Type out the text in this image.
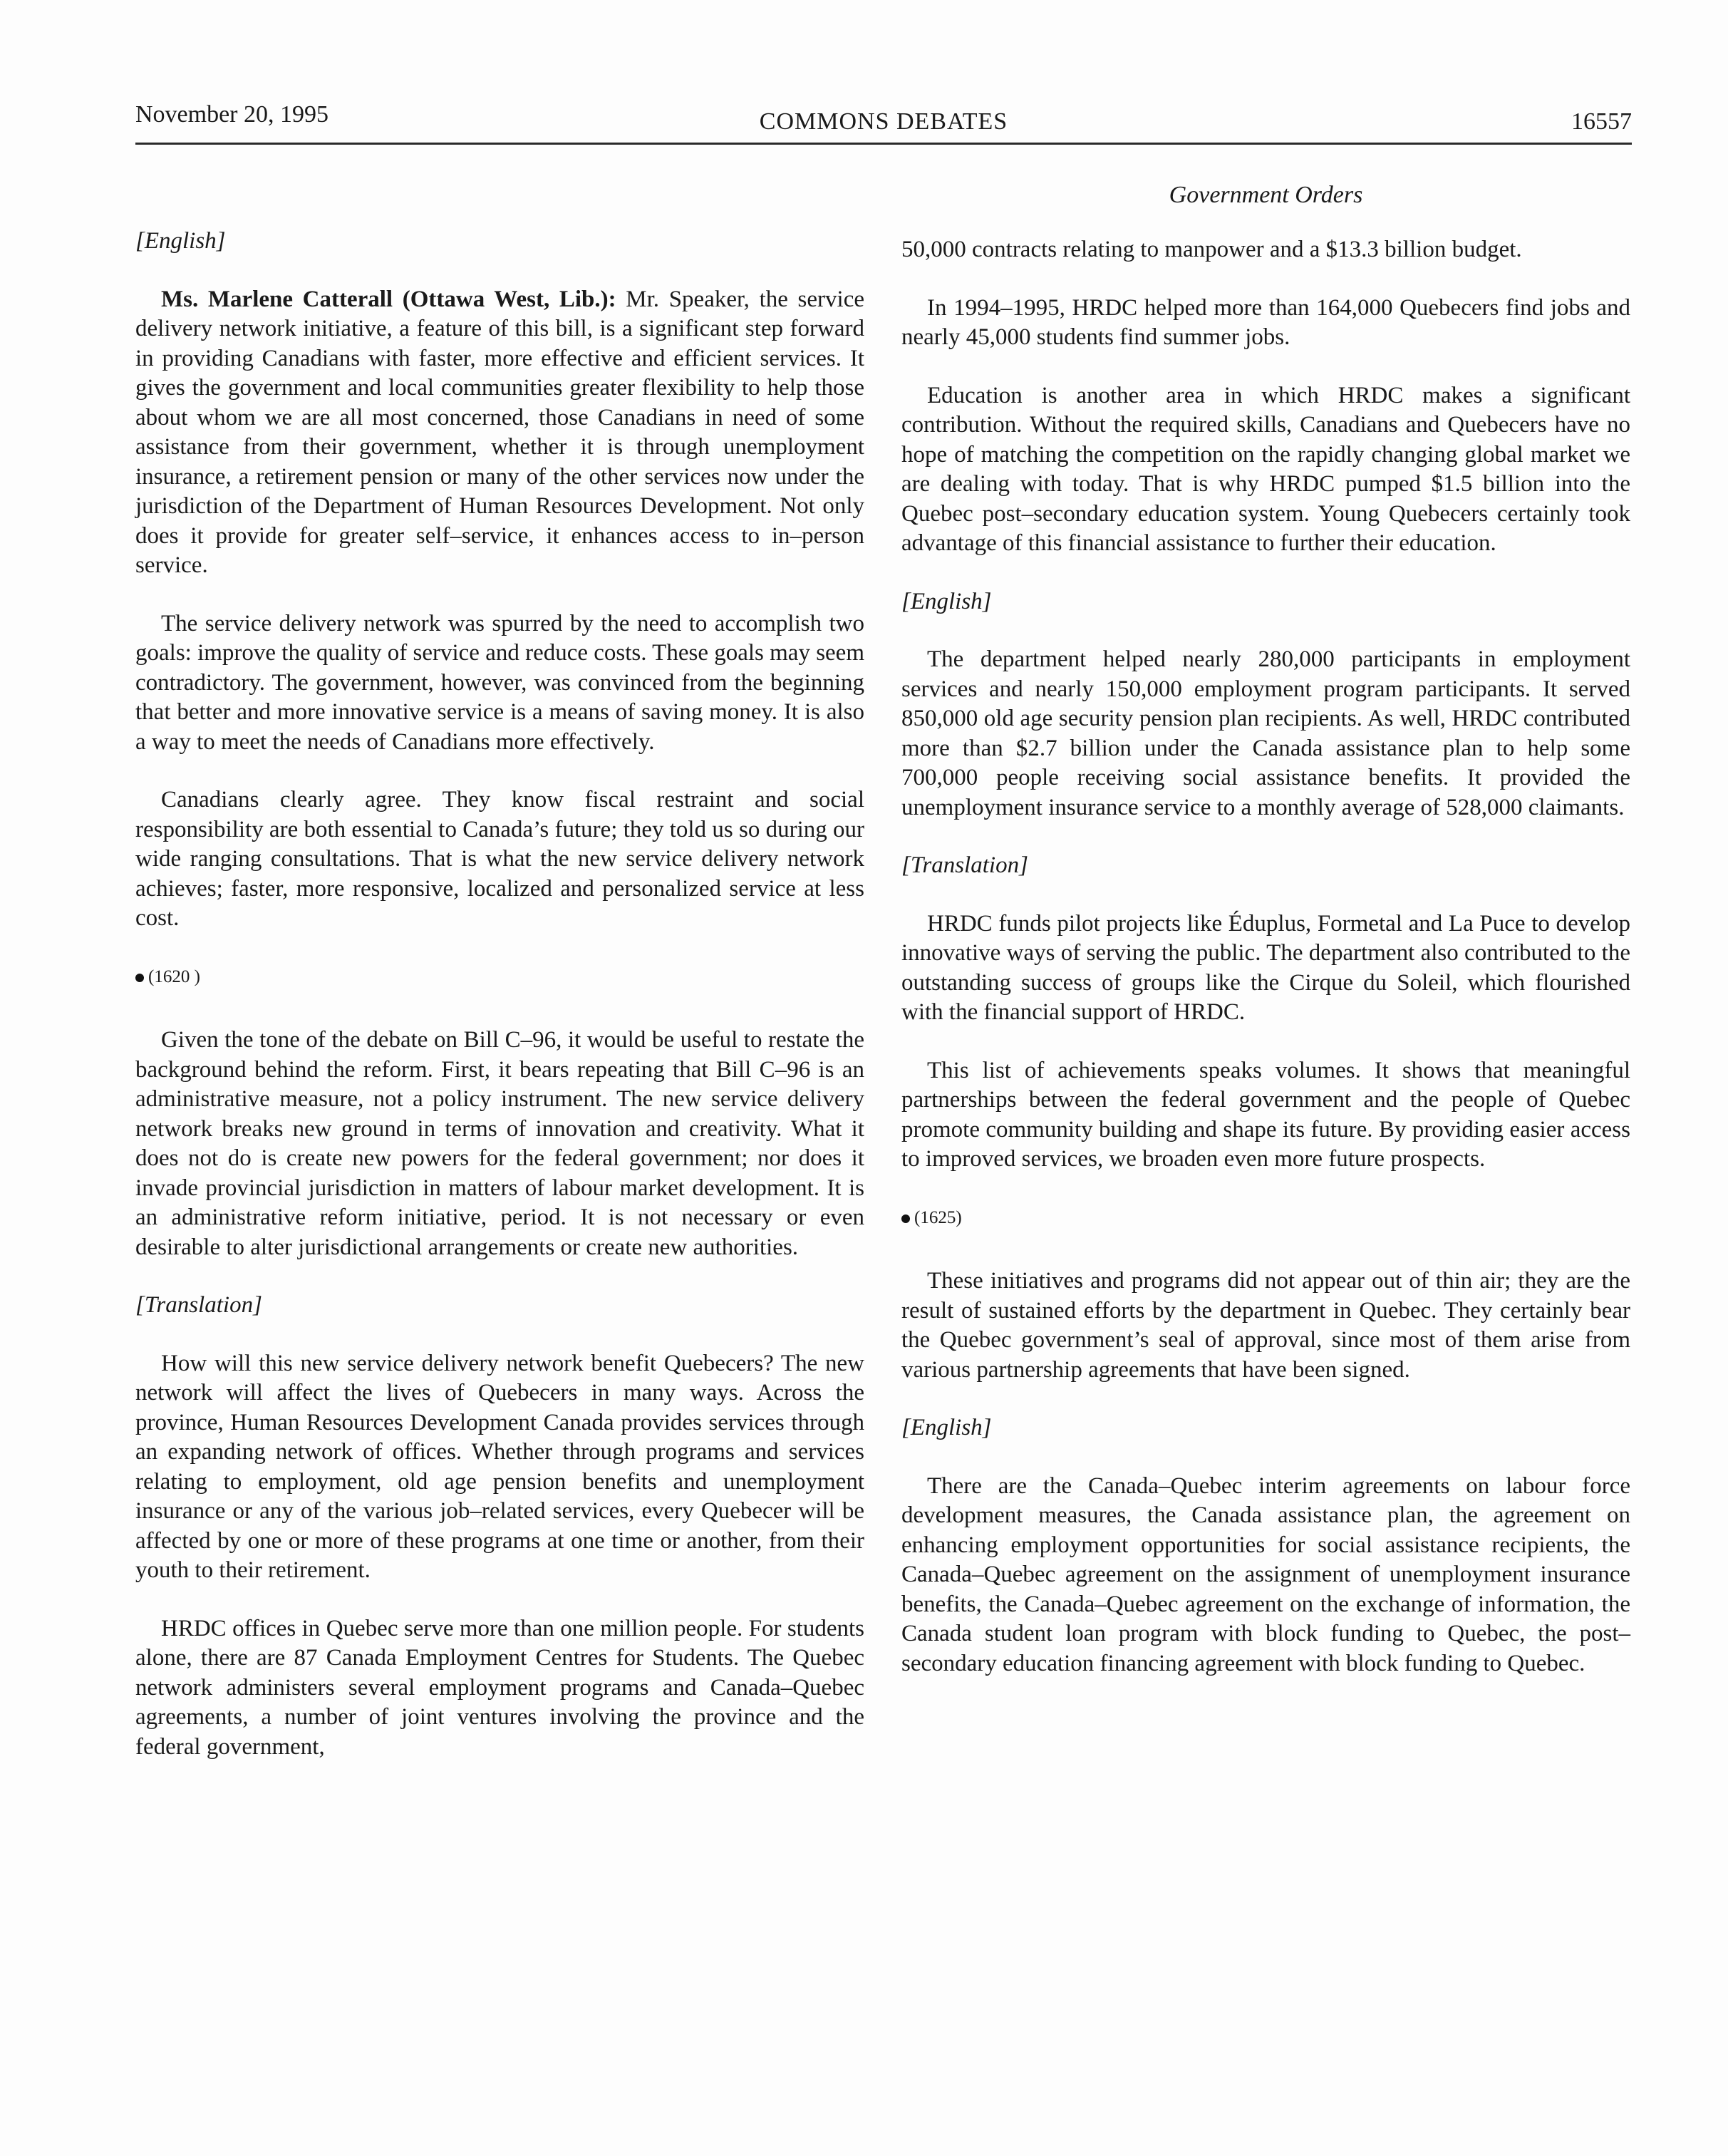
November 20, 1995	COMMONS DEBATES	16557
Government Orders
[English]

Ms. Marlene Catterall (Ottawa West, Lib.): Mr. Speaker, the service delivery network initiative, a feature of this bill, is a significant step forward in providing Canadians with faster, more effective and efficient services. It gives the government and local communities greater flexibility to help those about whom we are all most concerned, those Canadians in need of some assistance from their government, whether it is through unemployment insurance, a retirement pension or many of the other services now under the jurisdiction of the Department of Human Resources Development. Not only does it provide for greater self–service, it enhances access to in–person service.

The service delivery network was spurred by the need to accomplish two goals: improve the quality of service and reduce costs. These goals may seem contradictory. The government, however, was convinced from the beginning that better and more innovative service is a means of saving money. It is also a way to meet the needs of Canadians more effectively.

Canadians clearly agree. They know fiscal restraint and social responsibility are both essential to Canada’s future; they told us so during our wide ranging consultations. That is what the new service delivery network achieves; faster, more responsive, localized and personalized service at less cost.

(1620 )

Given the tone of the debate on Bill C–96, it would be useful to restate the background behind the reform. First, it bears repeating that Bill C–96 is an administrative measure, not a policy instrument. The new service delivery network breaks new ground in terms of innovation and creativity. What it does not do is create new powers for the federal government; nor does it invade provincial jurisdiction in matters of labour market development. It is an administrative reform initiative, period. It is not necessary or even desirable to alter jurisdictional arrangements or create new authorities.

[Translation]

How will this new service delivery network benefit Quebecers? The new network will affect the lives of Quebecers in many ways. Across the province, Human Resources Development Canada provides services through an expanding network of offices. Whether through programs and services relating to employment, old age pension benefits and unemployment insurance or any of the various job–related services, every Quebecer will be affected by one or more of these programs at one time or another, from their youth to their retirement.

HRDC offices in Quebec serve more than one million people. For students alone, there are 87 Canada Employment Centres for Students. The Quebec network administers several employment programs and Canada–Quebec agreements, a number of joint ventures involving the province and the federal government,

50,000 contracts relating to manpower and a $13.3 billion budget.

In 1994–1995, HRDC helped more than 164,000 Quebecers find jobs and nearly 45,000 students find summer jobs.

Education is another area in which HRDC makes a significant contribution. Without the required skills, Canadians and Quebecers have no hope of matching the competition on the rapidly changing global market we are dealing with today. That is why HRDC pumped $1.5 billion into the Quebec post–secondary education system. Young Quebecers certainly took advantage of this financial assistance to further their education.

[English]

The department helped nearly 280,000 participants in employment services and nearly 150,000 employment program participants. It served 850,000 old age security pension plan recipients. As well, HRDC contributed more than $2.7 billion under the Canada assistance plan to help some 700,000 people receiving social assistance benefits. It provided the unemployment insurance service to a monthly average of 528,000 claimants.

[Translation]

HRDC funds pilot projects like Éduplus, Formetal and La Puce to develop innovative ways of serving the public. The department also contributed to the outstanding success of groups like the Cirque du Soleil, which flourished with the financial support of HRDC.

This list of achievements speaks volumes. It shows that meaningful partnerships between the federal government and the people of Quebec promote community building and shape its future. By providing easier access to improved services, we broaden even more future prospects.

(1625)

These initiatives and programs did not appear out of thin air; they are the result of sustained efforts by the department in Quebec. They certainly bear the Quebec government’s seal of approval, since most of them arise from various partnership agreements that have been signed.

[English]

There are the Canada–Quebec interim agreements on labour force development measures, the Canada assistance plan, the agreement on enhancing employment opportunities for social assistance recipients, the Canada–Quebec agreement on the assignment of unemployment insurance benefits, the Canada–Quebec agreement on the exchange of information, the Canada student loan program with block funding to Quebec, the post–secondary education financing agreement with block funding to Quebec.
